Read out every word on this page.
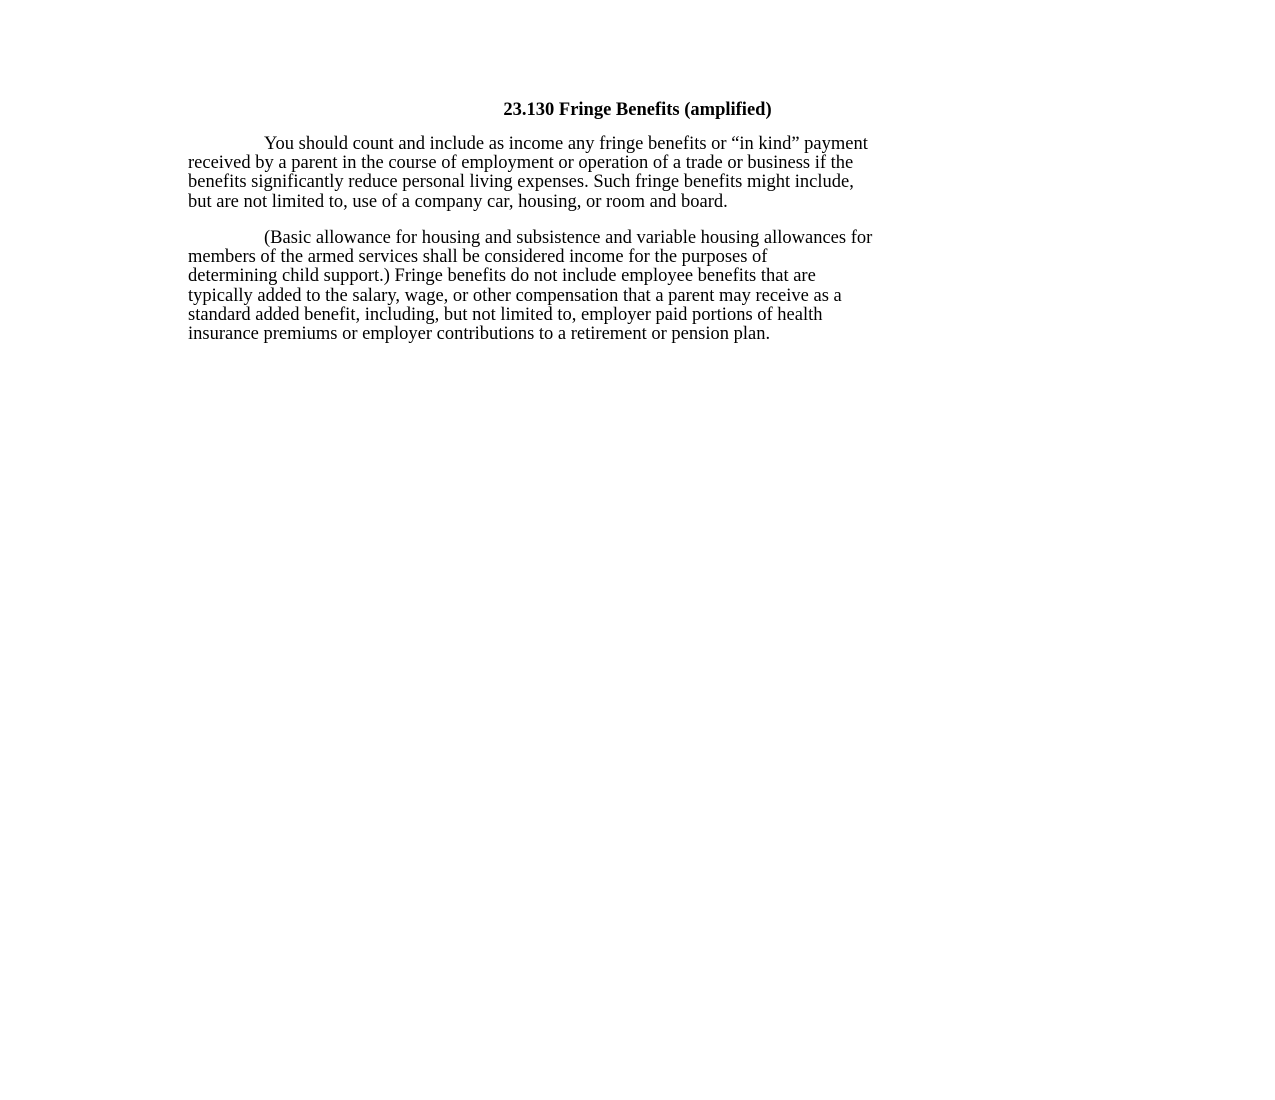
23.130 Fringe Benefits (amplified)

You should count and include as income any fringe benefits or “in kind” payment
received by a parent in the course of employment or operation of a trade or business if the
benefits significantly reduce personal living expenses. Such fringe benefits might include,
but are not limited to, use of a company car, housing, or room and board.

(Basic allowance for housing and subsistence and variable housing allowances for
members of the armed services shall be considered income for the purposes of
determining child support.) Fringe benefits do not include employee benefits that are
typically added to the salary, wage, or other compensation that a parent may receive as a
standard added benefit, including, but not limited to, employer paid portions of health
insurance premiums or employer contributions to a retirement or pension plan.
